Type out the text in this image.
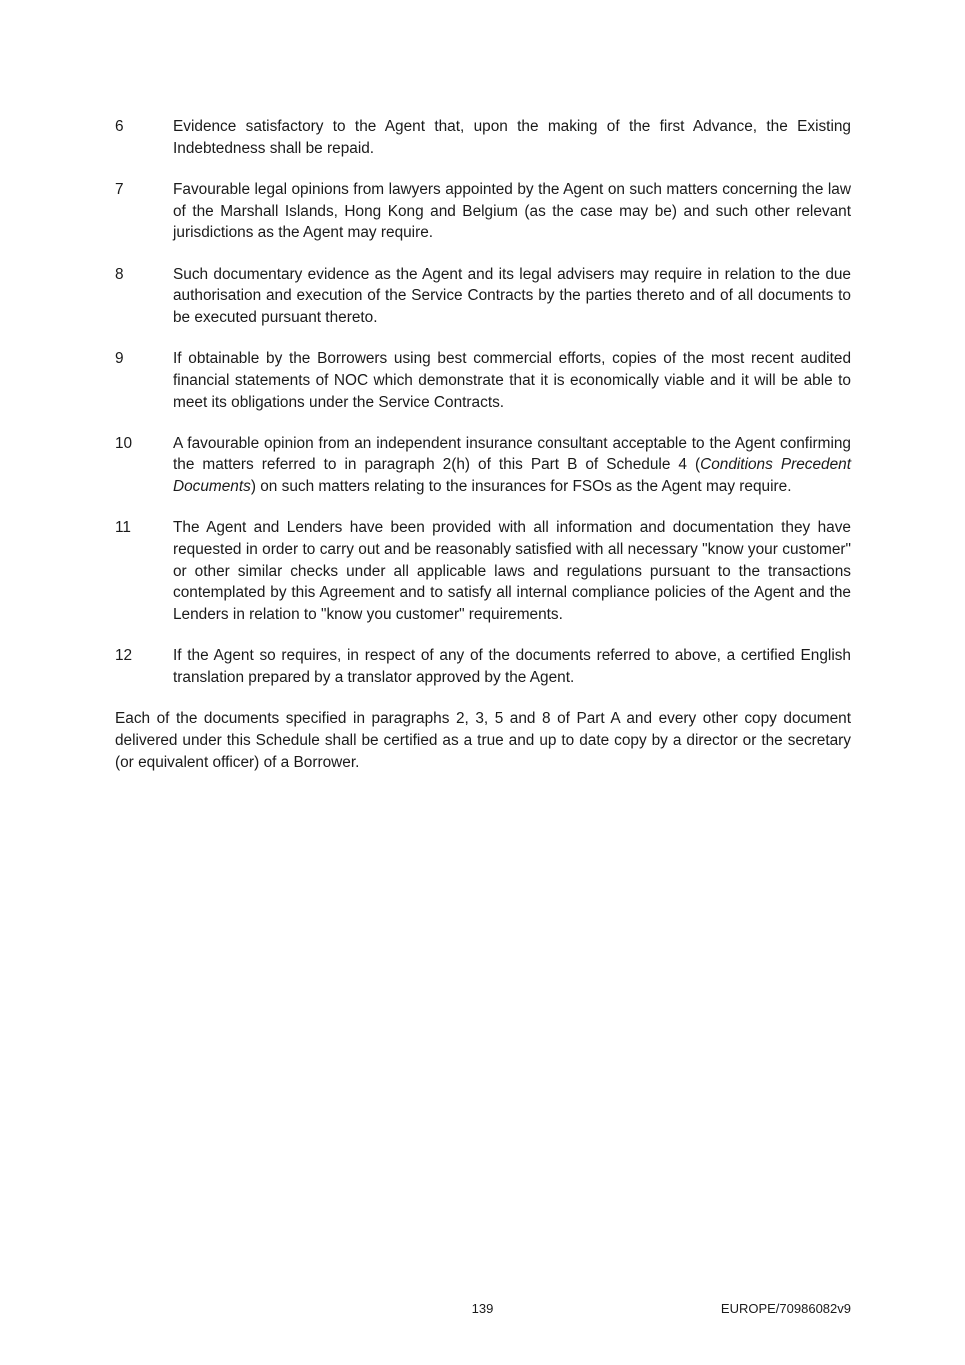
6	Evidence satisfactory to the Agent that, upon the making of the first Advance, the Existing Indebtedness shall be repaid.
7	Favourable legal opinions from lawyers appointed by the Agent on such matters concerning the law of the Marshall Islands, Hong Kong and Belgium (as the case may be) and such other relevant jurisdictions as the Agent may require.
8	Such documentary evidence as the Agent and its legal advisers may require in relation to the due authorisation and execution of the Service Contracts by the parties thereto and of all documents to be executed pursuant thereto.
9	If obtainable by the Borrowers using best commercial efforts, copies of the most recent audited financial statements of NOC which demonstrate that it is economically viable and it will be able to meet its obligations under the Service Contracts.
10	A favourable opinion from an independent insurance consultant acceptable to the Agent confirming the matters referred to in paragraph 2(h) of this Part B of Schedule 4 (Conditions Precedent Documents) on such matters relating to the insurances for FSOs as the Agent may require.
11	The Agent and Lenders have been provided with all information and documentation they have requested in order to carry out and be reasonably satisfied with all necessary "know your customer" or other similar checks under all applicable laws and regulations pursuant to the transactions contemplated by this Agreement and to satisfy all internal compliance policies of the Agent and the Lenders in relation to "know you customer" requirements.
12	If the Agent so requires, in respect of any of the documents referred to above, a certified English translation prepared by a translator approved by the Agent.

Each of the documents specified in paragraphs 2, 3, 5 and 8 of Part A and every other copy document delivered under this Schedule shall be certified as a true and up to date copy by a director or the secretary (or equivalent officer) of a Borrower.

139	EUROPE/70986082v9
